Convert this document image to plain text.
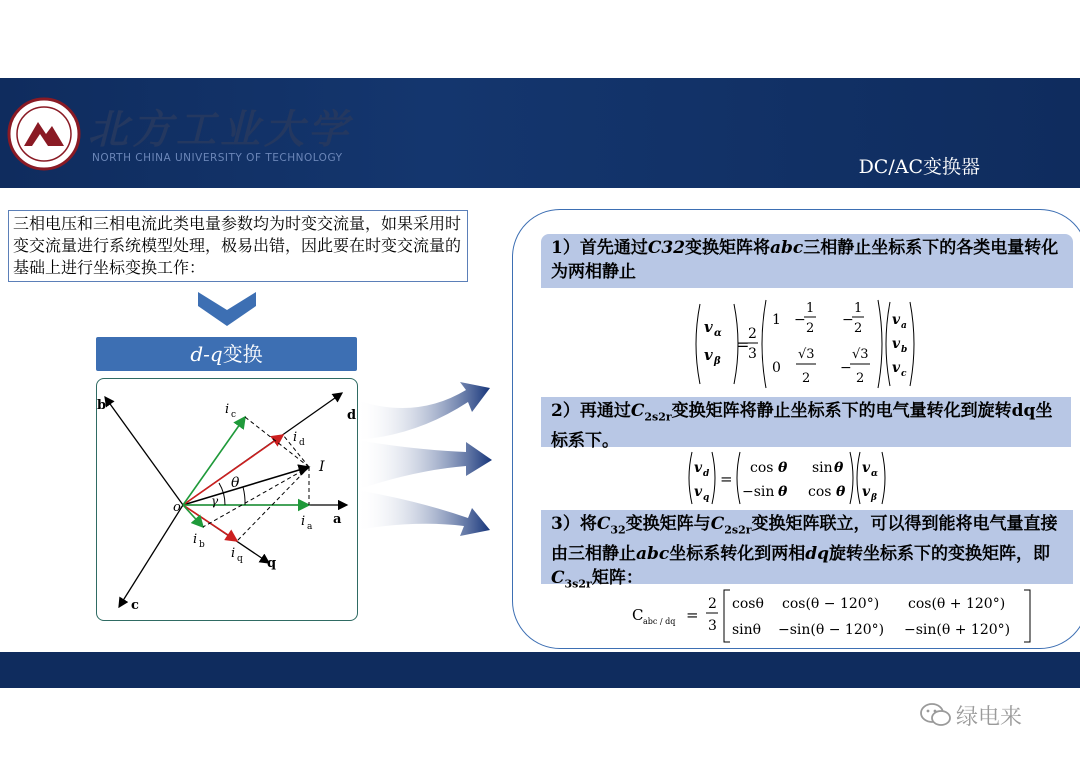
北方工业大学
NORTH CHINA UNIVERSITY OF TECHNOLOGY	DC/AC变换器
三相电压和三相电流此类电量参数均为时变交流量，如果采用时变交流量进行系统模型处理，极易出错，因此要在时变交流量的基础上进行坐标变换工作：
d-q变换
b
c
d
q
a
o
I
θ
γ
i c
i d
i a
i b
i q
1）首先通过C32变换矩阵将abc三相静止坐标系下的各类电量转化为两相静止
v α
v β
=
2
3
1 −
1
2
−
1
2
0
√3
2
−
√3
2
v a
v b
v c
2）再通过$C_{2s2r}$变换矩阵将静止坐标系下的电气量转化到旋转dq坐标系下。
v d
v q
=
cos θ sin θ
−sin θ cos θ
v α
v β
3）将$C_{32}$变换矩阵与$C_{2s2r}$变换矩阵联立，可以得到能将电气量直接由三相静止abc坐标系转化到两相dq旋转坐标系下的变换矩阵，即$C_{3s2r}$矩阵：
C abc / dq =
2
3
cosθ cos(θ − 120°) cos(θ + 120°)
sinθ −sin(θ − 120°) −sin(θ + 120°)
绿电来
